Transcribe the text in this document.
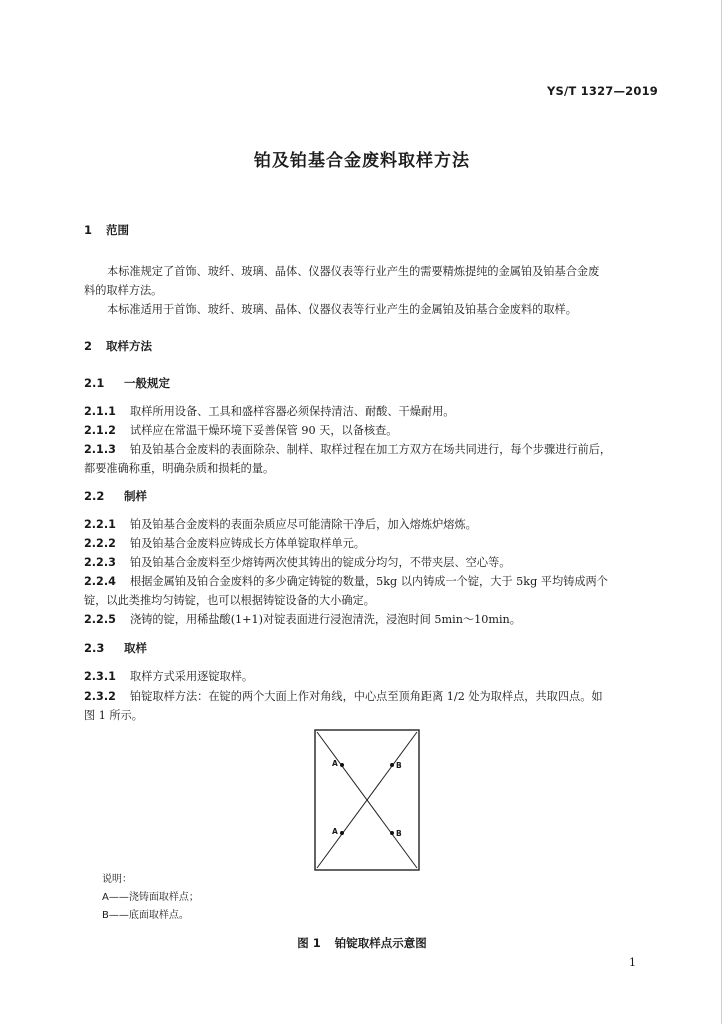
YS/T 1327—2019
铂及铂基合金废料取样方法
1 范围
本标准规定了首饰、玻纤、玻璃、晶体、仪器仪表等行业产生的需要精炼提纯的金属铂及铂基合金废
料的取样方法。
本标准适用于首饰、玻纤、玻璃、晶体、仪器仪表等行业产生的金属铂及铂基合金废料的取样。
2 取样方法
2.1 一般规定
2.1.1 取样所用设备、工具和盛样容器必须保持清洁、耐酸、干燥耐用。
2.1.2 试样应在常温干燥环境下妥善保管 90 天，以备核查。
2.1.3 铂及铂基合金废料的表面除杂、制样、取样过程在加工方双方在场共同进行，每个步骤进行前后，
都要准确称重，明确杂质和损耗的量。
2.2 制样
2.2.1 铂及铂基合金废料的表面杂质应尽可能清除干净后，加入熔炼炉熔炼。
2.2.2 铂及铂基合金废料应铸成长方体单锭取样单元。
2.2.3 铂及铂基合金废料至少熔铸两次使其铸出的锭成分均匀，不带夹层、空心等。
2.2.4 根据金属铂及铂合金废料的多少确定铸锭的数量，5kg 以内铸成一个锭，大于 5kg 平均铸成两个
锭，以此类推均匀铸锭，也可以根据铸锭设备的大小确定。
2.2.5 浇铸的锭，用稀盐酸(1+1)对锭表面进行浸泡清洗，浸泡时间 5min～10min。
2.3 取样
2.3.1 取样方式采用逐锭取样。
2.3.2 铂锭取样方法：在锭的两个大面上作对角线，中心点至顶角距离 1/2 处为取样点，共取四点。如
图 1 所示。
A	B
A	B
说明：
A——浇铸面取样点；
B——底面取样点。
图 1 铂锭取样点示意图
1
